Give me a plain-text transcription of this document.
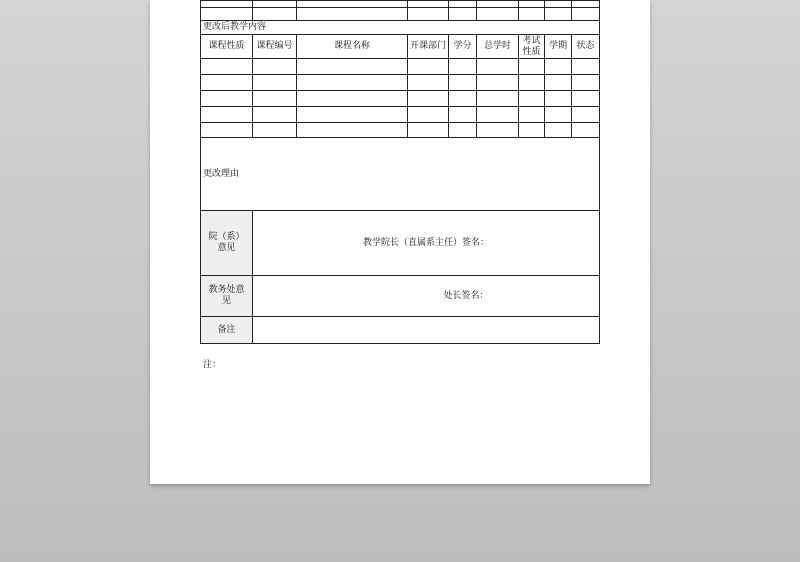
更改后教学内容								
课程性质	课程编号	课程名称	开课部门	学分	总学时	考试性质	学期	状态

更改理由								
院（系）意见	教学院长（直属系主任）签名：							
教务处意见	处长签名：							

备注								
注：
